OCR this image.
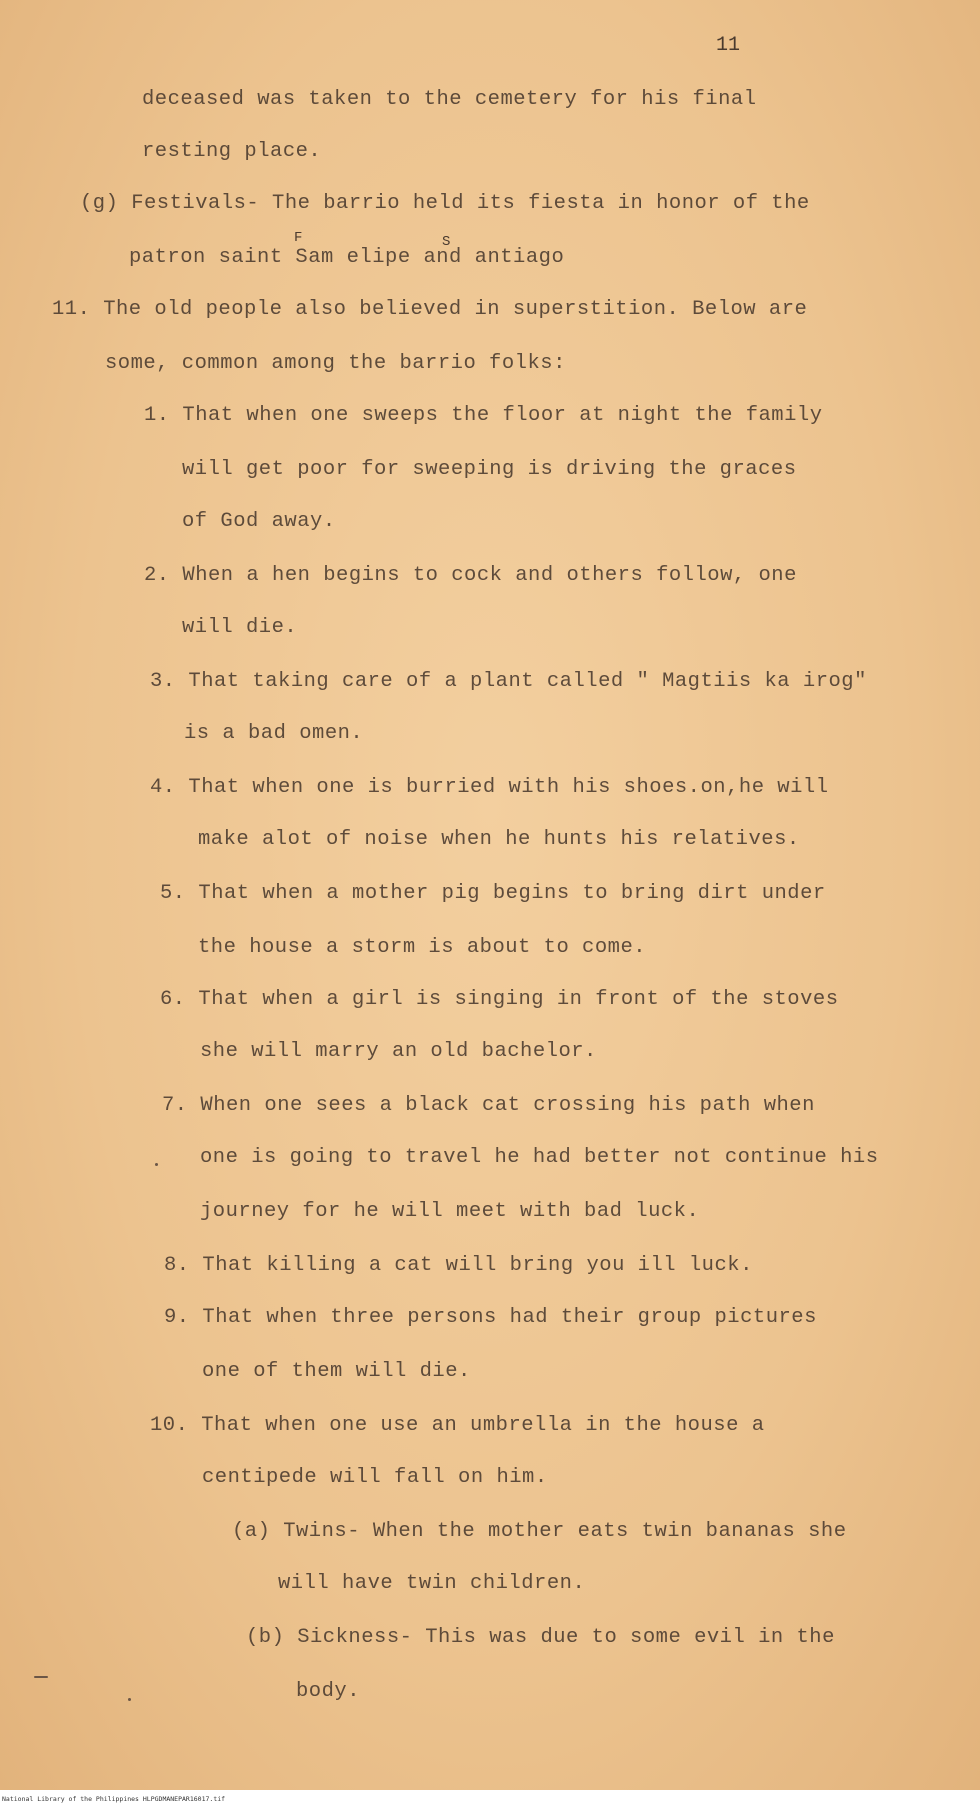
11
deceased was taken to the cemetery for his final
resting place.
(g) Festivals- The barrio held its fiesta in honor of the
patron saint Sam elipe and antiago
F	S
11. The old people also believed in superstition. Below are
some, common among the barrio folks:
1. That when one sweeps the floor at night the family
will get poor for sweeping is driving the graces
of God away.
2. When a hen begins to cock and others follow, one
will die.
3. That taking care of a plant called " Magtiis ka irog"
is a bad omen.
4. That when one is burried with his shoes.on,he will
make alot of noise when he hunts his relatives.
5. That when a mother pig begins to bring dirt under
the house a storm is about to come.
6. That when a girl is singing in front of the stoves
she will marry an old bachelor.
7. When one sees a black cat crossing his path when
one is going to travel he had better not continue his
journey for he will meet with bad luck.
8. That killing a cat will bring you ill luck.
9. That when three persons had their group pictures
one of them will die.
10. That when one use an umbrella in the house a
centipede will fall on him.
(a) Twins- When the mother eats twin bananas she
will have twin children.
(b) Sickness- This was due to some evil in the
body.
National Library of the Philippines HLPGDMANEPAR16017.tif
